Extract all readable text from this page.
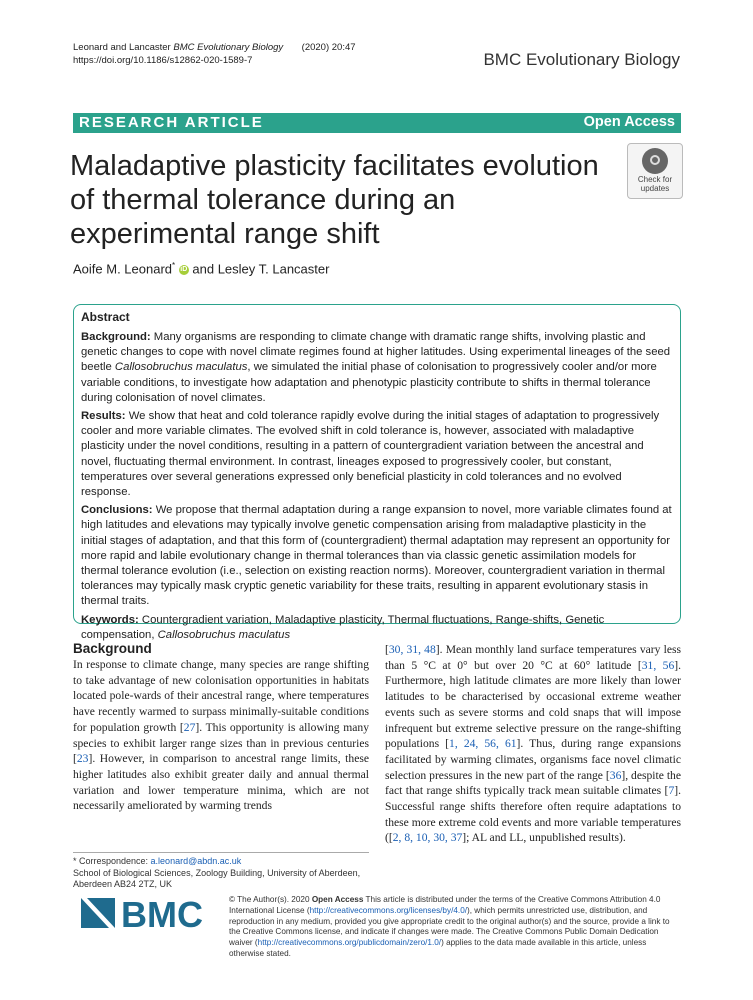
Leonard and Lancaster BMC Evolutionary Biology (2020) 20:47
https://doi.org/10.1186/s12862-020-1589-7	BMC Evolutionary Biology
RESEARCH ARTICLE	Open Access
Maladaptive plasticity facilitates evolution of thermal tolerance during an experimental range shift
Check for
updates
Aoife M. Leonard* iD and Lesley T. Lancaster
Abstract

Background: Many organisms are responding to climate change with dramatic range shifts, involving plastic and genetic changes to cope with novel climate regimes found at higher latitudes. Using experimental lineages of the seed beetle Callosobruchus maculatus, we simulated the initial phase of colonisation to progressively cooler and/or more variable conditions, to investigate how adaptation and phenotypic plasticity contribute to shifts in thermal tolerance during colonisation of novel climates.

Results: We show that heat and cold tolerance rapidly evolve during the initial stages of adaptation to progressively cooler and more variable climates. The evolved shift in cold tolerance is, however, associated with maladaptive plasticity under the novel conditions, resulting in a pattern of countergradient variation between the ancestral and novel, fluctuating thermal environment. In contrast, lineages exposed to progressively cooler, but constant, temperatures over several generations expressed only beneficial plasticity in cold tolerances and no evolved response.

Conclusions: We propose that thermal adaptation during a range expansion to novel, more variable climates found at high latitudes and elevations may typically involve genetic compensation arising from maladaptive plasticity in the initial stages of adaptation, and that this form of (countergradient) thermal adaptation may represent an opportunity for more rapid and labile evolutionary change in thermal tolerances than via classic genetic assimilation models for thermal tolerance evolution (i.e., selection on existing reaction norms). Moreover, countergradient variation in thermal tolerances may typically mask cryptic genetic variability for these traits, resulting in apparent evolutionary stasis in thermal traits.

Keywords: Countergradient variation, Maladaptive plasticity, Thermal fluctuations, Range-shifts, Genetic compensation, Callosobruchus maculatus

Background
In response to climate change, many species are range shifting to take advantage of new colonisation opportunities in habitats located pole-wards of their ancestral range, where temperatures have recently warmed to surpass minimally-suitable conditions for population growth [27]. This opportunity is allowing many species to exhibit larger range sizes than in previous centuries [23]. However, in comparison to ancestral range limits, these higher latitudes also exhibit greater daily and annual thermal variation and lower temperature minima, which are not necessarily ameliorated by warming trends
[30, 31, 48]. Mean monthly land surface temperatures vary less than 5 °C at 0° but over 20 °C at 60° latitude [31, 56]. Furthermore, high latitude climates are more likely than lower latitudes to be characterised by occasional extreme weather events such as severe storms and cold snaps that will impose infrequent but extreme selective pressure on the range-shifting populations [1, 24, 56, 61]. Thus, during range expansions facilitated by warming climates, organisms face novel climatic selection pressures in the new part of the range [36], despite the fact that range shifts typically track mean suitable climates [7]. Successful range shifts therefore often require adaptations to these more extreme cold events and more variable temperatures ([2, 8, 10, 30, 37]; AL and LL, unpublished results).
* Correspondence: a.leonard@abdn.ac.uk
School of Biological Sciences, Zoology Building, University of Aberdeen,
Aberdeen AB24 2TZ, UK
BMC	© The Author(s). 2020 Open Access This article is distributed under the terms of the Creative Commons Attribution 4.0 International License (http://creativecommons.org/licenses/by/4.0/), which permits unrestricted use, distribution, and reproduction in any medium, provided you give appropriate credit to the original author(s) and the source, provide a link to the Creative Commons license, and indicate if changes were made. The Creative Commons Public Domain Dedication waiver (http://creativecommons.org/publicdomain/zero/1.0/) applies to the data made available in this article, unless otherwise stated.
